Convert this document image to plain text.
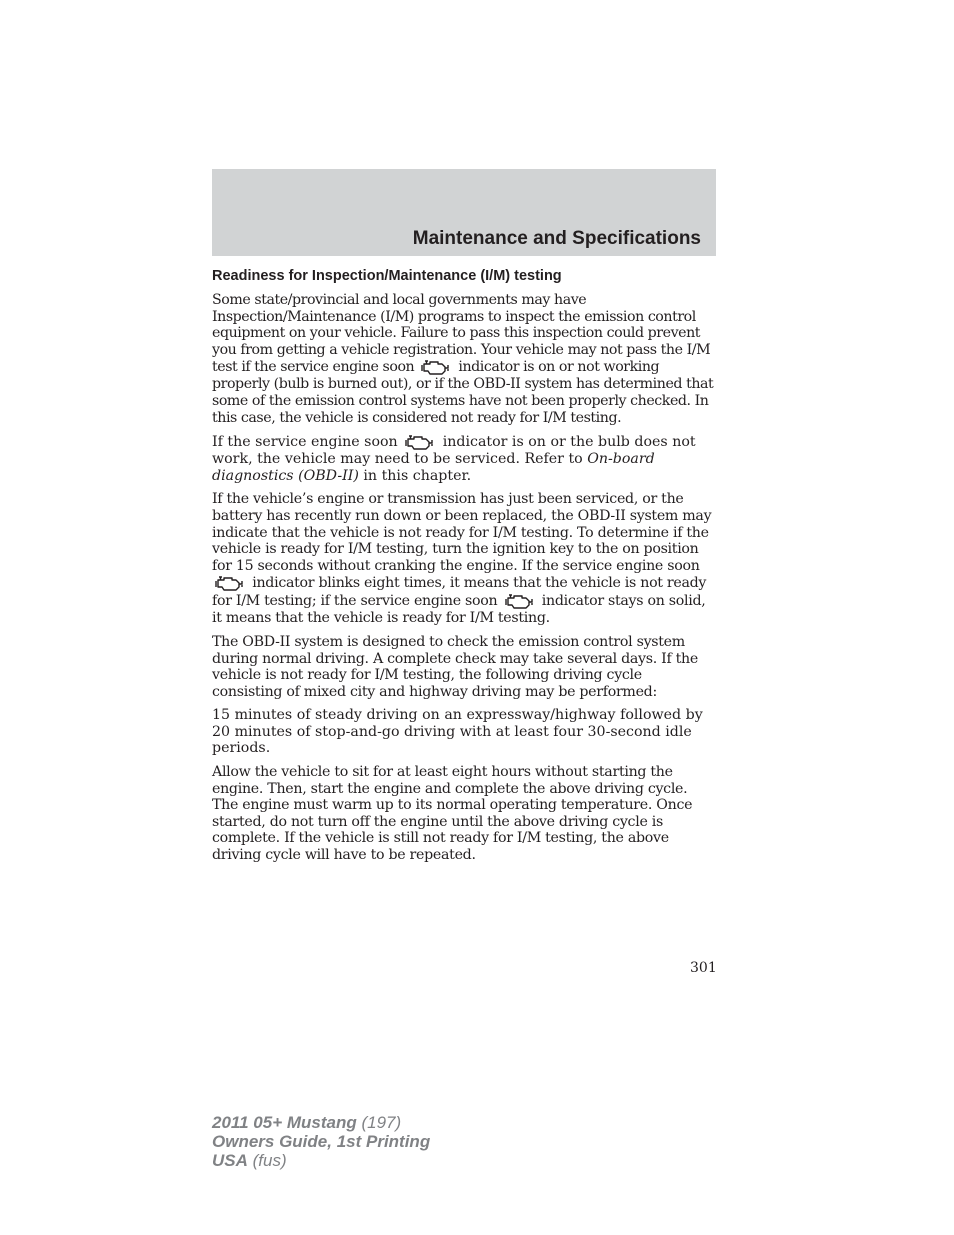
Maintenance and Specifications
Readiness for Inspection/Maintenance (I/M) testing

Some state/provincial and local governments may have Inspection/Maintenance (I/M) programs to inspect the emission control equipment on your vehicle. Failure to pass this inspection could prevent you from getting a vehicle registration. Your vehicle may not pass the I/M test if the service engine soon	indicator is on or not working properly (bulb is burned out), or if the OBD-II system has determined that some of the emission control systems have not been properly checked. In this case, the vehicle is considered not ready for I/M testing.

If the service engine soon	indicator is on or the bulb does not work, the vehicle may need to be serviced. Refer to On-board diagnostics (OBD-II) in this chapter.

If the vehicle’s engine or transmission has just been serviced, or the battery has recently run down or been replaced, the OBD-II system may indicate that the vehicle is not ready for I/M testing. To determine if the vehicle is ready for I/M testing, turn the ignition key to the on position for 15 seconds without cranking the engine. If the service engine soon
indicator blinks eight times, it means that the vehicle is not ready for I/M testing; if the service engine soon	indicator stays on solid, it means that the vehicle is ready for I/M testing.

The OBD-II system is designed to check the emission control system during normal driving. A complete check may take several days. If the vehicle is not ready for I/M testing, the following driving cycle consisting of mixed city and highway driving may be performed:

15 minutes of steady driving on an expressway/highway followed by 20 minutes of stop-and-go driving with at least four 30-second idle periods.

Allow the vehicle to sit for at least eight hours without starting the engine. Then, start the engine and complete the above driving cycle. The engine must warm up to its normal operating temperature. Once started, do not turn off the engine until the above driving cycle is complete. If the vehicle is still not ready for I/M testing, the above driving cycle will have to be repeated.

301
2011 05+ Mustang (197)
Owners Guide, 1st Printing
USA (fus)
